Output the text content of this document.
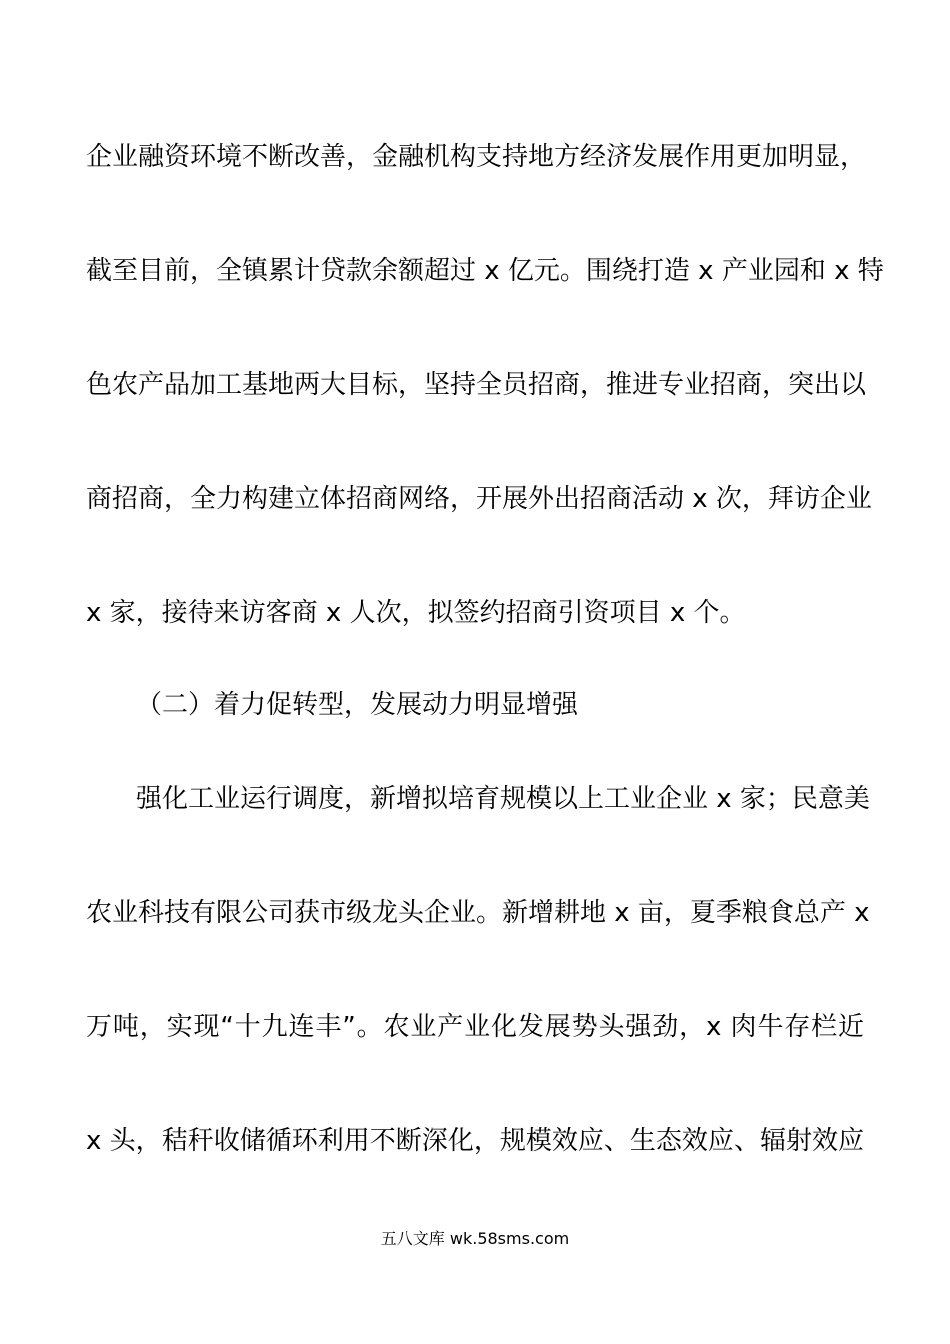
企业融资环境不断改善，金融机构支持地方经济发展作用更加明显，
截至目前，全镇累计贷款余额超过 x 亿元。围绕打造 x 产业园和 x 特
色农产品加工基地两大目标，坚持全员招商，推进专业招商，突出以
商招商，全力构建立体招商网络，开展外出招商活动 x 次，拜访企业
x 家，接待来访客商 x 人次，拟签约招商引资项目 x 个。
（二）着力促转型，发展动力明显增强
强化工业运行调度，新增拟培育规模以上工业企业 x 家；民意美
农业科技有限公司获市级龙头企业。新增耕地 x 亩，夏季粮食总产 x
万吨，实现“十九连丰”。农业产业化发展势头强劲，x 肉牛存栏近
x 头，秸秆收储循环利用不断深化，规模效应、生态效应、辐射效应
五八文库 wk.58sms.com
